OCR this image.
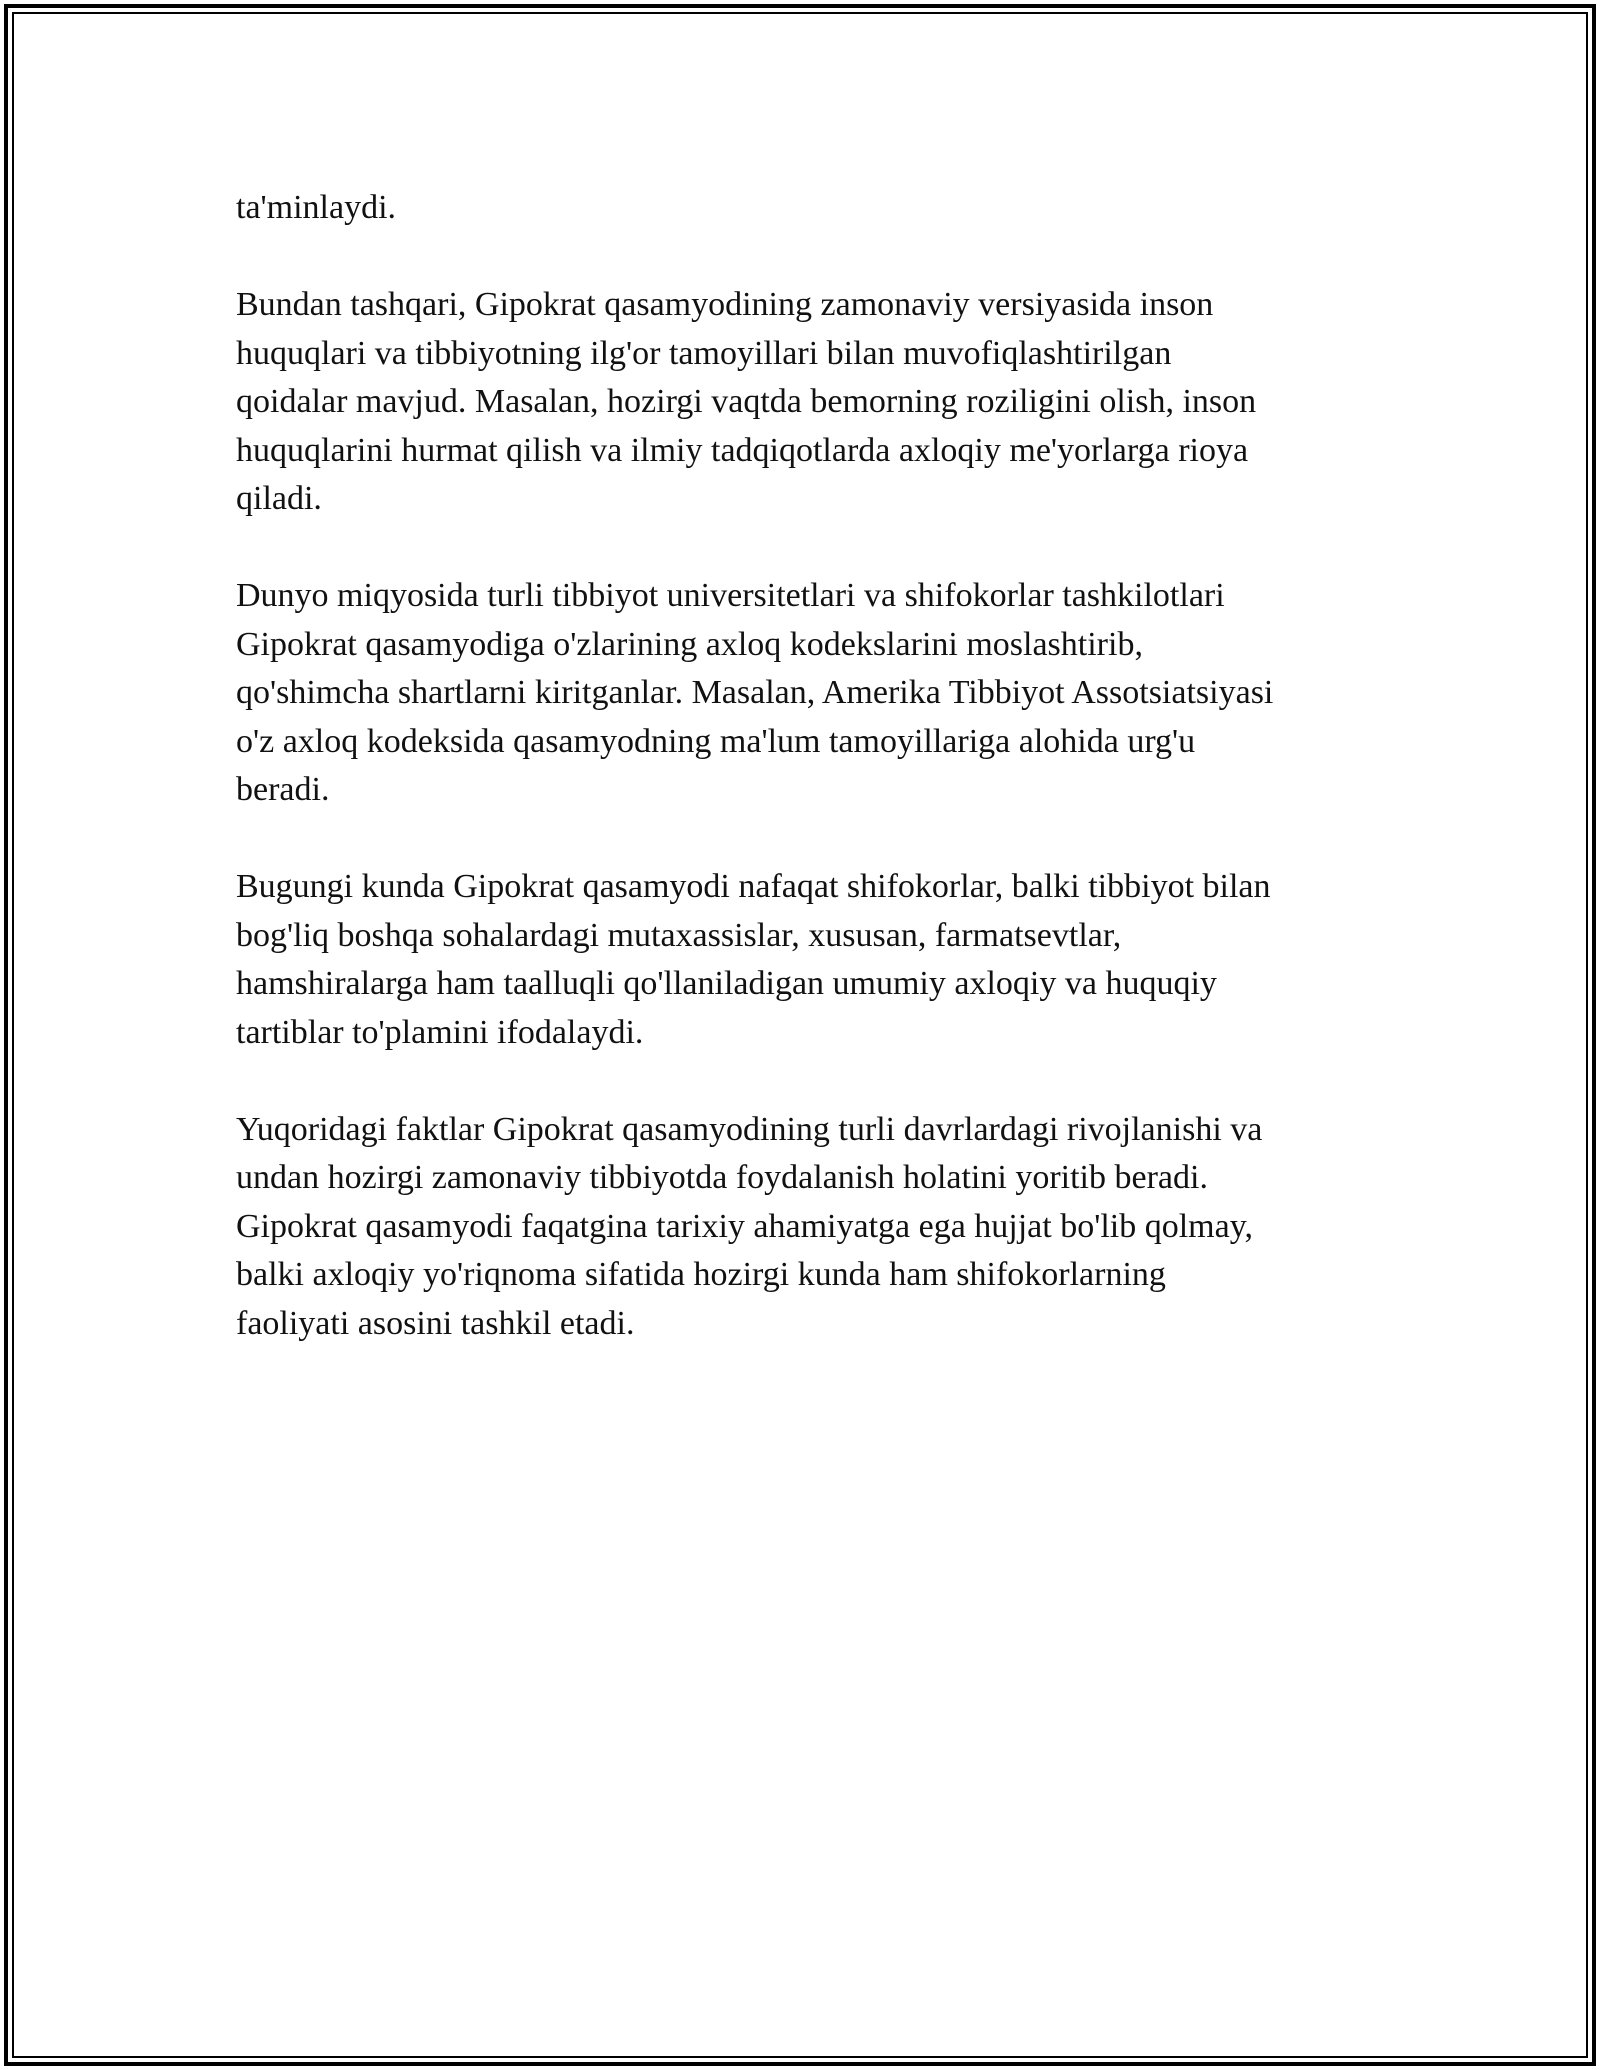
ta'minlaydi.

Bundan tashqari, Gipokrat qasamyodining zamonaviy versiyasida inson
huquqlari va tibbiyotning ilg'or tamoyillari bilan muvofiqlashtirilgan
qoidalar mavjud. Masalan, hozirgi vaqtda bemorning roziligini olish, inson
huquqlarini hurmat qilish va ilmiy tadqiqotlarda axloqiy me'yorlarga rioya
qiladi.

Dunyo miqyosida turli tibbiyot universitetlari va shifokorlar tashkilotlari
Gipokrat qasamyodiga o'zlarining axloq kodekslarini moslashtirib,
qo'shimcha shartlarni kiritganlar. Masalan, Amerika Tibbiyot Assotsiatsiyasi
o'z axloq kodeksida qasamyodning ma'lum tamoyillariga alohida urg'u
beradi.

Bugungi kunda Gipokrat qasamyodi nafaqat shifokorlar, balki tibbiyot bilan
bog'liq boshqa sohalardagi mutaxassislar, xususan, farmatsevtlar,
hamshiralarga ham taalluqli qo'llaniladigan umumiy axloqiy va huquqiy
tartiblar to'plamini ifodalaydi.

Yuqoridagi faktlar Gipokrat qasamyodining turli davrlardagi rivojlanishi va
undan hozirgi zamonaviy tibbiyotda foydalanish holatini yoritib beradi.
Gipokrat qasamyodi faqatgina tarixiy ahamiyatga ega hujjat bo'lib qolmay,
balki axloqiy yo'riqnoma sifatida hozirgi kunda ham shifokorlarning
faoliyati asosini tashkil etadi.
